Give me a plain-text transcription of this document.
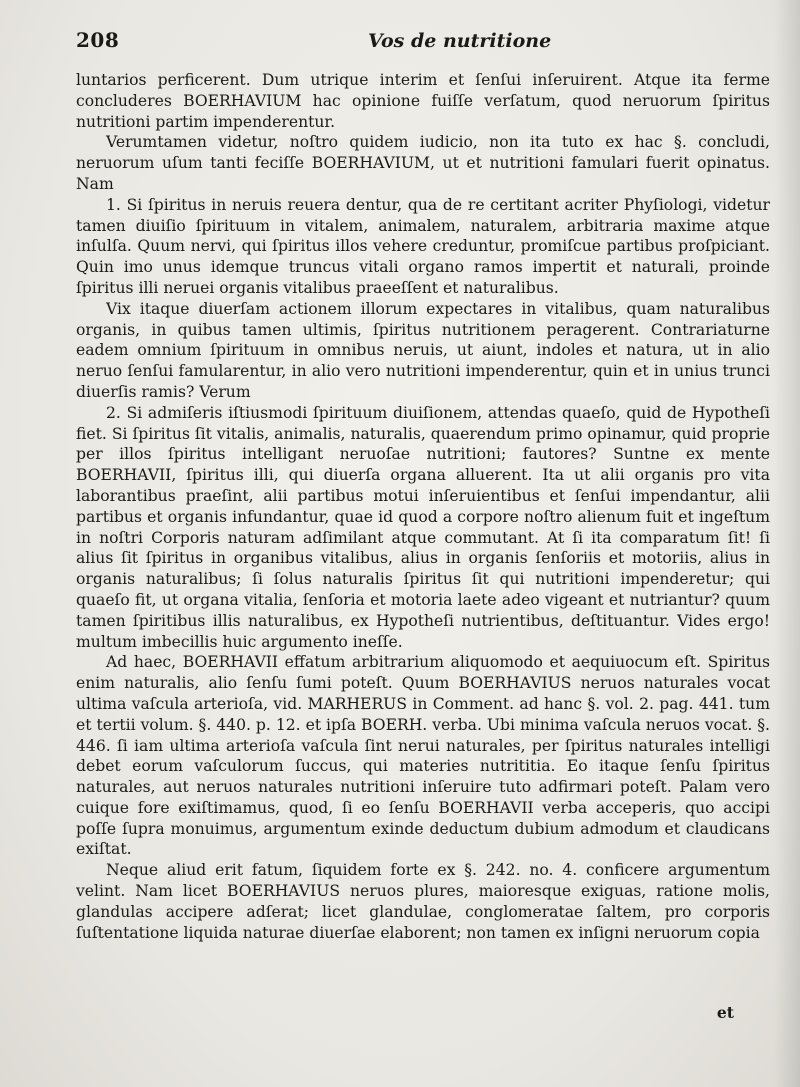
208	Vos de nutritione

luntarios perficerent. Dum utrique interim et ſenſui inſeruirent. Atque ita ferme concluderes BOERHAVIUM hac opinione fuiſſe verſatum, quod neruorum ſpiritus nutritioni partim impenderentur.

Verumtamen videtur, noſtro quidem iudicio, non ita tuto ex hac §. concludi, neruorum uſum tanti feciſſe BOERHAVIUM, ut et nutritioni famulari fuerit opinatus. Nam

1. Si ſpiritus in neruis reuera dentur, qua de re certitant acriter Phyſiologi, videtur tamen diuiſio ſpirituum in vitalem, animalem, naturalem, arbitraria maxime atque inſulſa. Quum nervi, qui ſpiritus illos vehere creduntur, promiſcue partibus proſpiciant. Quin imo unus idemque truncus vitali organo ramos impertit et naturali, proinde ſpiritus illi neruei organis vitalibus praeeſſent et naturalibus.

Vix itaque diuerſam actionem illorum expectares in vitalibus, quam naturalibus organis, in quibus tamen ultimis, ſpiritus nutritionem peragerent. Contrariaturne eadem omnium ſpirituum in omnibus neruis, ut aiunt, indoles et natura, ut in alio neruo ſenſui famularentur, in alio vero nutritioni impenderentur, quin et in unius trunci diuerſis ramis? Verum

2. Si admiſeris iſtiusmodi ſpirituum diuiſionem, attendas quaeſo, quid de Hypotheſi fiet. Si ſpiritus ſit vitalis, animalis, naturalis, quaerendum primo opinamur, quid proprie per illos ſpiritus intelligant neruoſae nutritioni; fautores? Suntne ex mente BOERHAVII, ſpiritus illi, qui diuerſa organa alluerent. Ita ut alii organis pro vita laborantibus praeſint, alii partibus motui inſeruientibus et ſenſui impendantur, alii partibus et organis infundantur, quae id quod a corpore noſtro alienum fuit et ingeſtum in noſtri Corporis naturam adſimilant atque commutant. At ſi ita comparatum ſit! ſi alius ſit ſpiritus in organibus vitalibus, alius in organis ſenſoriis et motoriis, alius in organis naturalibus; ſi ſolus naturalis ſpiritus ſit qui nutritioni impenderetur; qui quaeſo fit, ut organa vitalia, ſenſoria et motoria laete adeo vigeant et nutriantur? quum tamen ſpiritibus illis naturalibus, ex Hypotheſi nutrientibus, deſtituantur. Vides ergo! multum imbecillis huic argumento ineſſe.

Ad haec, BOERHAVII effatum arbitrarium aliquomodo et aequiuocum eſt. Spiritus enim naturalis, alio ſenſu ſumi poteſt. Quum BOERHAVIUS neruos naturales vocat ultima vaſcula arterioſa, vid. MARHERUS in Comment. ad hanc §. vol. 2. pag. 441. tum et tertii volum. §. 440. p. 12. et ipſa BOERH. verba. Ubi minima vaſcula neruos vocat. §. 446. ſi iam ultima arterioſa vaſcula ſint nerui naturales, per ſpiritus naturales intelligi debet eorum vaſculorum ſuccus, qui materies nutrititia. Eo itaque ſenſu ſpiritus naturales, aut neruos naturales nutritioni inſeruire tuto adfirmari poteſt. Palam vero cuique fore exiſtimamus, quod, ſi eo ſenſu BOERHAVII verba acceperis, quo accipi poſſe ſupra monuimus, argumentum exinde deductum dubium admodum et claudicans exiſtat.

Neque aliud erit fatum, ſiquidem forte ex §. 242. no. 4. conficere argumentum velint. Nam licet BOERHAVIUS neruos plures, maioresque exiguas, ratione molis, glandulas accipere adſerat; licet glandulae, conglomeratae ſaltem, pro corporis ſuſtentatione liquida naturae diuerſae elaborent; non tamen ex inſigni neruorum copia

et
